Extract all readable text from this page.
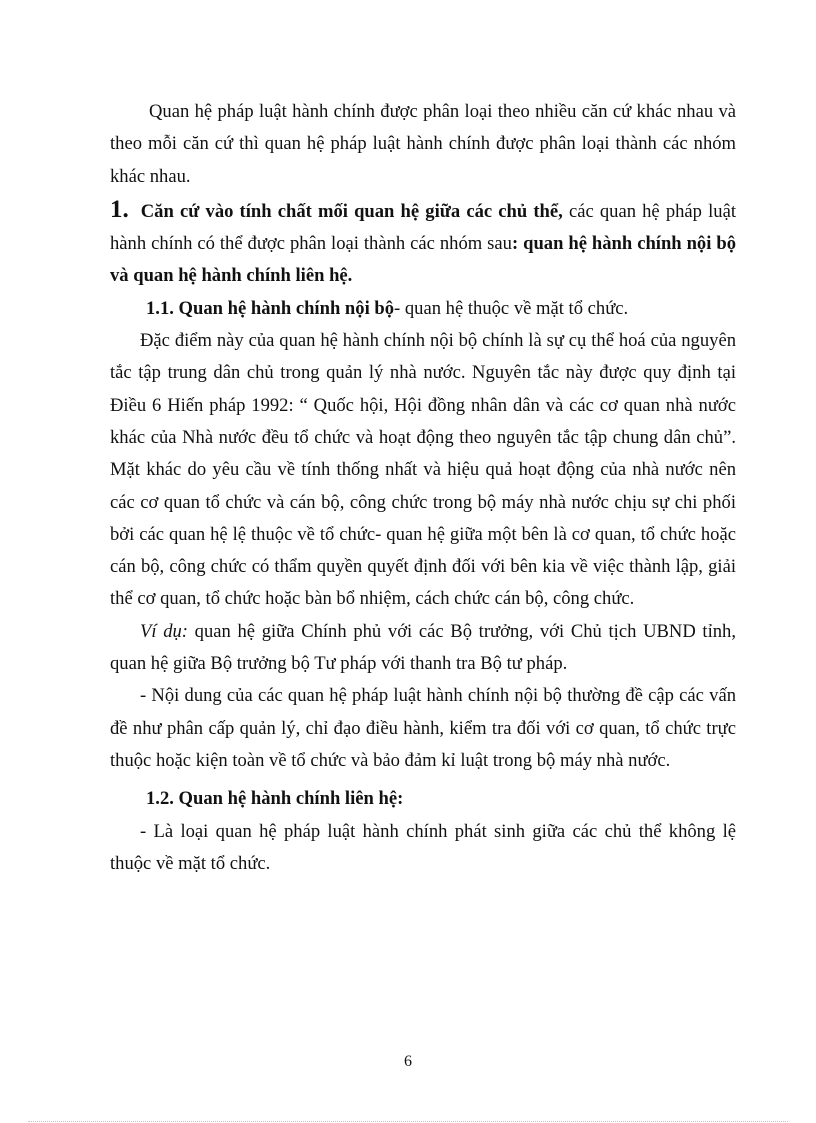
Quan hệ pháp luật hành chính được phân loại theo nhiều căn cứ khác nhau và theo mỗi căn cứ thì quan hệ pháp luật hành chính được phân loại thành các nhóm khác nhau.

1. Căn cứ vào tính chất mối quan hệ giữa các chủ thể, các quan hệ pháp luật hành chính có thể được phân loại thành các nhóm sau: quan hệ hành chính nội bộ và quan hệ hành chính liên hệ.

1.1. Quan hệ hành chính nội bộ- quan hệ thuộc về mặt tổ chức.

Đặc điểm này của quan hệ hành chính nội bộ chính là sự cụ thể hoá của nguyên tắc tập trung dân chủ trong quản lý nhà nước. Nguyên tắc này được quy định tại Điều 6 Hiến pháp 1992: “ Quốc hội, Hội đồng nhân dân và các cơ quan nhà nước khác của Nhà nước đều tổ chức và hoạt động theo nguyên tắc tập chung dân chủ”. Mặt khác do yêu cầu về tính thống nhất và hiệu quả hoạt động của nhà nước nên các cơ quan tổ chức và cán bộ, công chức trong bộ máy nhà nước chịu sự chi phối bởi các quan hệ lệ thuộc về tổ chức- quan hệ giữa một bên là cơ quan, tổ chức hoặc cán bộ, công chức có thẩm quyền quyết định đối với bên kia về việc thành lập, giải thể cơ quan, tổ chức hoặc bàn bổ nhiệm, cách chức cán bộ, công chức.

Ví dụ: quan hệ giữa Chính phủ với các Bộ trưởng, với Chủ tịch UBND tỉnh, quan hệ giữa Bộ trưởng bộ Tư pháp với thanh tra Bộ tư pháp.

- Nội dung của các quan hệ pháp luật hành chính nội bộ thường đề cập các vấn đề như phân cấp quản lý, chỉ đạo điều hành, kiểm tra đối với cơ quan, tổ chức trực thuộc hoặc kiện toàn về tổ chức và bảo đảm kỉ luật trong bộ máy nhà nước.

1.2. Quan hệ hành chính liên hệ:

- Là loại quan hệ pháp luật hành chính phát sinh giữa các chủ thể không lệ thuộc về mặt tổ chức.

6
